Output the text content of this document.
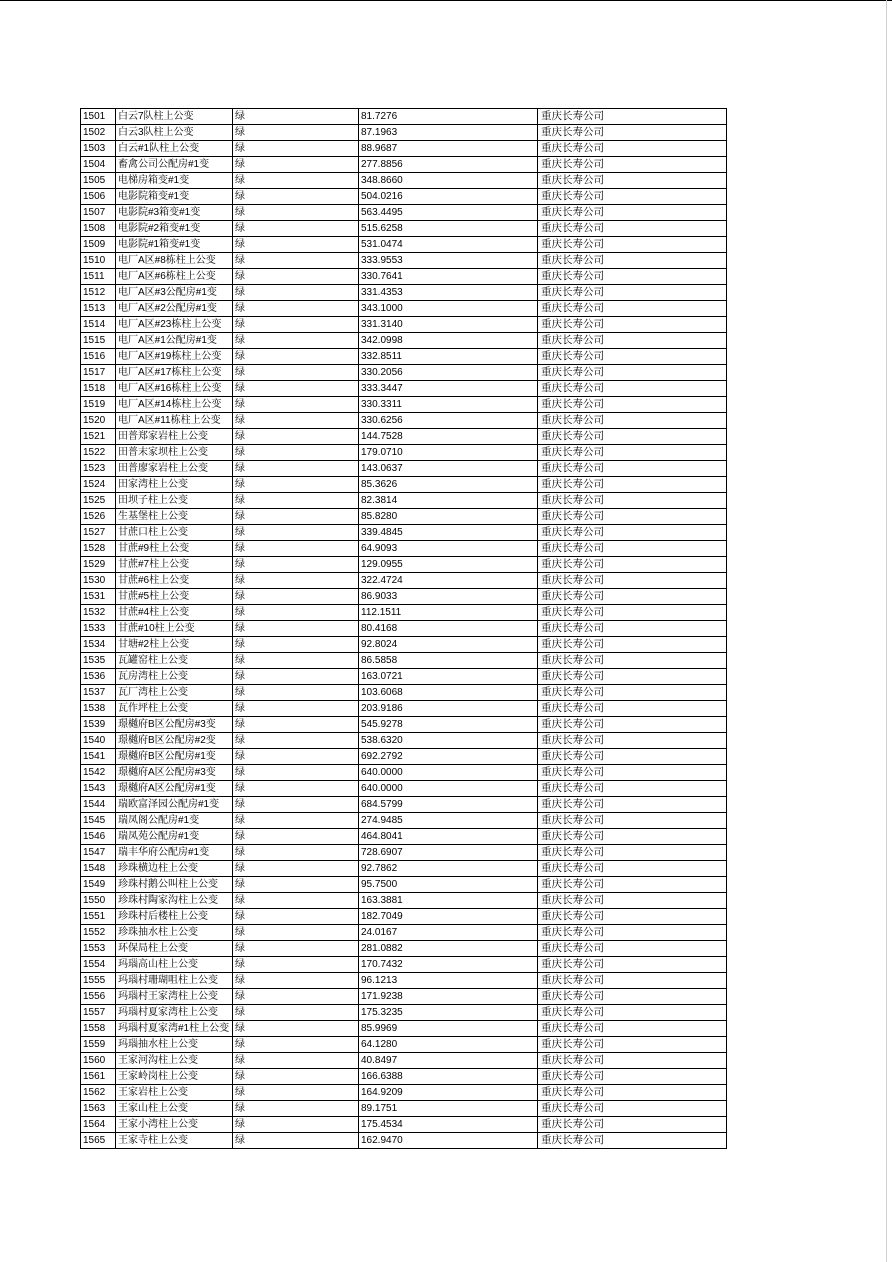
1501	白云7队柱上公变	绿	81.7276	重庆长寿公司
1502	白云3队柱上公变	绿	87.1963	重庆长寿公司
1503	白云#1队柱上公变	绿	88.9687	重庆长寿公司
1504	畜禽公司公配房#1变	绿	277.8856	重庆长寿公司
1505	电梯房箱变#1变	绿	348.8660	重庆长寿公司
1506	电影院箱变#1变	绿	504.0216	重庆长寿公司
1507	电影院#3箱变#1变	绿	563.4495	重庆长寿公司
1508	电影院#2箱变#1变	绿	515.6258	重庆长寿公司
1509	电影院#1箱变#1变	绿	531.0474	重庆长寿公司
1510	电厂A区#8栋柱上公变	绿	333.9553	重庆长寿公司
1511	电厂A区#6栋柱上公变	绿	330.7641	重庆长寿公司
1512	电厂A区#3公配房#1变	绿	331.4353	重庆长寿公司
1513	电厂A区#2公配房#1变	绿	343.1000	重庆长寿公司
1514	电厂A区#23栋柱上公变	绿	331.3140	重庆长寿公司
1515	电厂A区#1公配房#1变	绿	342.0998	重庆长寿公司
1516	电厂A区#19栋柱上公变	绿	332.8511	重庆长寿公司
1517	电厂A区#17栋柱上公变	绿	330.2056	重庆长寿公司
1518	电厂A区#16栋柱上公变	绿	333.3447	重庆长寿公司
1519	电厂A区#14栋柱上公变	绿	330.3311	重庆长寿公司
1520	电厂A区#11栋柱上公变	绿	330.6256	重庆长寿公司
1521	田普郑家岩柱上公变	绿	144.7528	重庆长寿公司
1522	田普末家坝柱上公变	绿	179.0710	重庆长寿公司
1523	田普廖家岩柱上公变	绿	143.0637	重庆长寿公司
1524	田家湾柱上公变	绿	85.3626	重庆长寿公司
1525	田坝子柱上公变	绿	82.3814	重庆长寿公司
1526	生基堡柱上公变	绿	85.8280	重庆长寿公司
1527	甘蔗口柱上公变	绿	339.4845	重庆长寿公司
1528	甘蔗#9柱上公变	绿	64.9093	重庆长寿公司
1529	甘蔗#7柱上公变	绿	129.0955	重庆长寿公司
1530	甘蔗#6柱上公变	绿	322.4724	重庆长寿公司
1531	甘蔗#5柱上公变	绿	86.9033	重庆长寿公司
1532	甘蔗#4柱上公变	绿	112.1511	重庆长寿公司
1533	甘蔗#10柱上公变	绿	80.4168	重庆长寿公司
1534	甘塘#2柱上公变	绿	92.8024	重庆长寿公司
1535	瓦罐窑柱上公变	绿	86.5858	重庆长寿公司
1536	瓦房湾柱上公变	绿	163.0721	重庆长寿公司
1537	瓦厂湾柱上公变	绿	103.6068	重庆长寿公司
1538	瓦作坪柱上公变	绿	203.9186	重庆长寿公司
1539	璟樾府B区公配房#3变	绿	545.9278	重庆长寿公司
1540	璟樾府B区公配房#2变	绿	538.6320	重庆长寿公司
1541	璟樾府B区公配房#1变	绿	692.2792	重庆长寿公司
1542	璟樾府A区公配房#3变	绿	640.0000	重庆长寿公司
1543	璟樾府A区公配房#1变	绿	640.0000	重庆长寿公司
1544	瑞欧富泽园公配房#1变	绿	684.5799	重庆长寿公司
1545	瑞凤阁公配房#1变	绿	274.9485	重庆长寿公司
1546	瑞凤苑公配房#1变	绿	464.8041	重庆长寿公司
1547	瑞丰华府公配房#1变	绿	728.6907	重庆长寿公司
1548	珍珠横边柱上公变	绿	92.7862	重庆长寿公司
1549	珍珠村鹅公叫柱上公变	绿	95.7500	重庆长寿公司
1550	珍珠村陶家沟柱上公变	绿	163.3881	重庆长寿公司
1551	珍珠村后楼柱上公变	绿	182.7049	重庆长寿公司
1552	珍珠抽水柱上公变	绿	24.0167	重庆长寿公司
1553	环保局柱上公变	绿	281.0882	重庆长寿公司
1554	玛瑙高山柱上公变	绿	170.7432	重庆长寿公司
1555	玛瑙村珊瑚咀柱上公变	绿	96.1213	重庆长寿公司
1556	玛瑙村王家湾柱上公变	绿	171.9238	重庆长寿公司
1557	玛瑙村夏家湾柱上公变	绿	175.3235	重庆长寿公司
1558	玛瑙村夏家湾#1柱上公变	绿	85.9969	重庆长寿公司
1559	玛瑙抽水柱上公变	绿	64.1280	重庆长寿公司
1560	王家河沟柱上公变	绿	40.8497	重庆长寿公司
1561	王家岭岗柱上公变	绿	166.6388	重庆长寿公司
1562	王家岩柱上公变	绿	164.9209	重庆长寿公司
1563	王家山柱上公变	绿	89.1751	重庆长寿公司
1564	王家小湾柱上公变	绿	175.4534	重庆长寿公司
1565	王家寺柱上公变	绿	162.9470	重庆长寿公司
